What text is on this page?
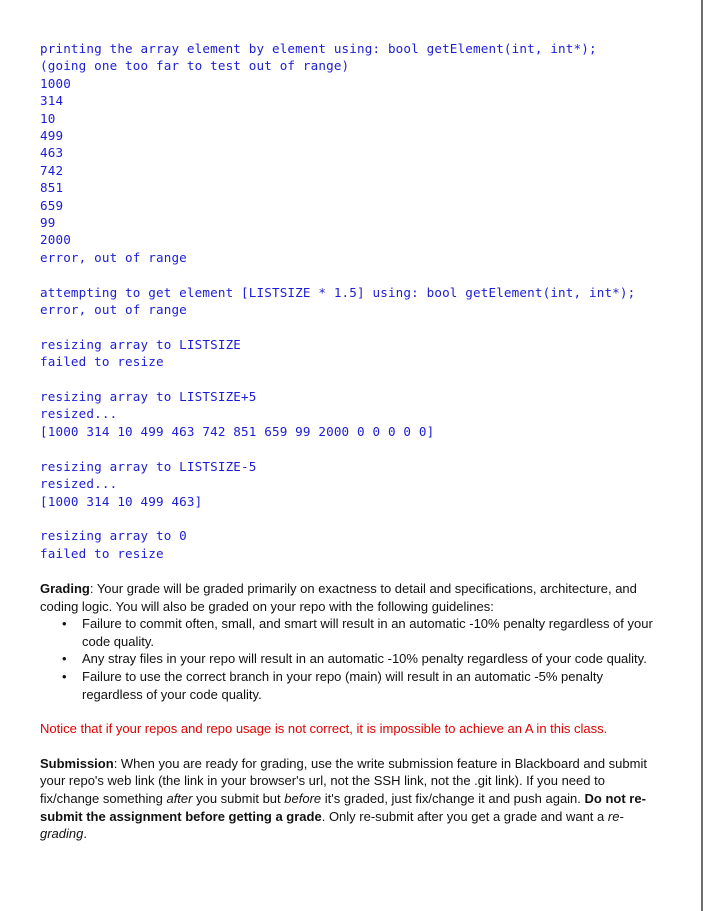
printing the array element by element using: bool getElement(int, int*);
(going one too far to test out of range)
1000
314
10
499
463
742
851
659
99
2000
error, out of range
attempting to get element [LISTSIZE * 1.5] using: bool getElement(int, int*);
error, out of range
resizing array to LISTSIZE
failed to resize
resizing array to LISTSIZE+5
resized...
[1000 314 10 499 463 742 851 659 99 2000 0 0 0 0 0]
resizing array to LISTSIZE-5
resized...
[1000 314 10 499 463]
resizing array to 0
failed to resize

Grading: Your grade will be graded primarily on exactness to detail and specifications, architecture, and coding logic. You will also be graded on your repo with the following guidelines:

• Failure to commit often, small, and smart will result in an automatic -10% penalty regardless of your code quality.
• Any stray files in your repo will result in an automatic -10% penalty regardless of your code quality.
• Failure to use the correct branch in your repo (main) will result in an automatic -5% penalty regardless of your code quality.

Notice that if your repos and repo usage is not correct, it is impossible to achieve an A in this class.

Submission: When you are ready for grading, use the write submission feature in Blackboard and submit your repo's web link (the link in your browser's url, not the SSH link, not the .git link). If you need to fix/change something after you submit but before it's graded, just fix/change it and push again. Do not re-submit the assignment before getting a grade. Only re-submit after you get a grade and want a re-grading.
